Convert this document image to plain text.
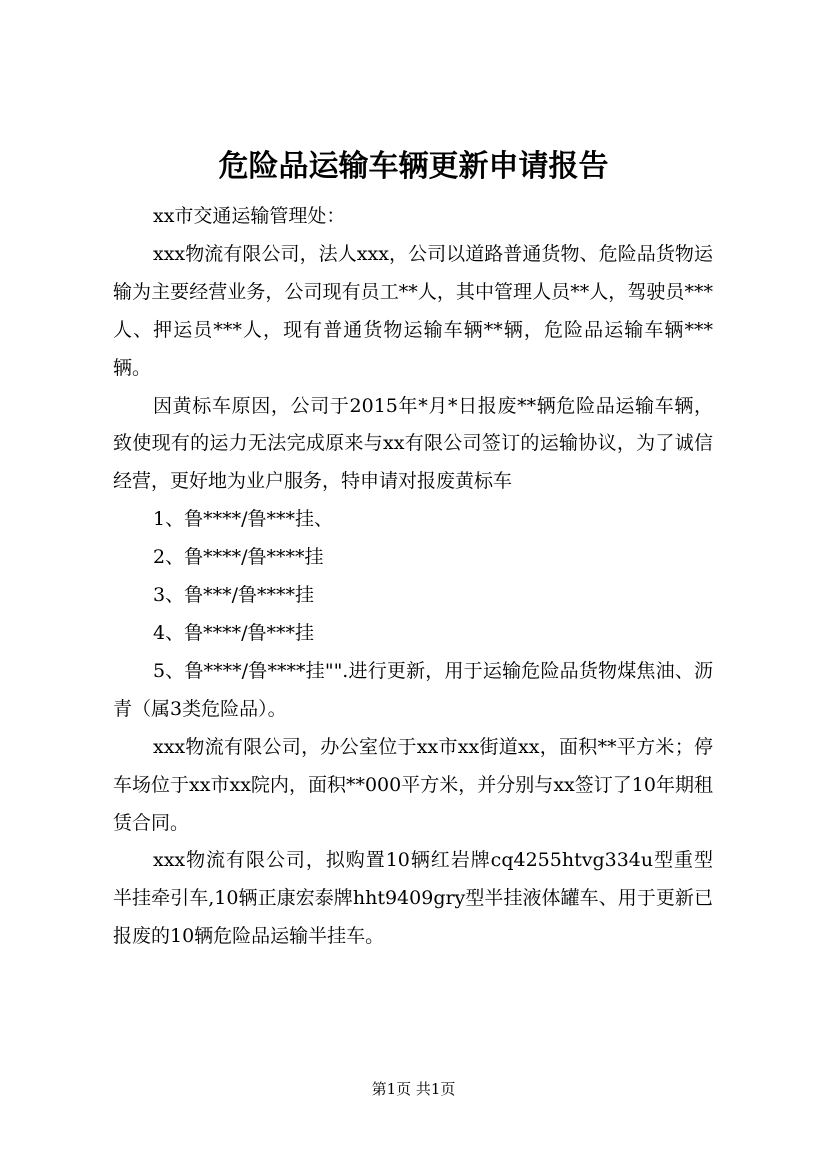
危险品运输车辆更新申请报告

xx市交通运输管理处：

xxx物流有限公司，法人xxx，公司以道路普通货物、危险品货物运输为主要经营业务，公司现有员工**人，其中管理人员**人，驾驶员***人、押运员***人，现有普通货物运输车辆**辆，危险品运输车辆***辆。

因黄标车原因，公司于2015年*月*日报废**辆危险品运输车辆，致使现有的运力无法完成原来与xx有限公司签订的运输协议，为了诚信经营，更好地为业户服务，特申请对报废黄标车

1、鲁****/鲁***挂、

2、鲁****/鲁****挂

3、鲁***/鲁****挂

4、鲁****/鲁***挂

5、鲁****/鲁****挂"".进行更新，用于运输危险品货物煤焦油、沥青（属3类危险品）。

xxx物流有限公司，办公室位于xx市xx街道xx，面积**平方米；停车场位于xx市xx院内，面积**000平方米，并分别与xx签订了10年期租赁合同。

xxx物流有限公司，拟购置10辆红岩牌cq4255htvg334u型重型半挂牵引车,10辆正康宏泰牌hht9409gry型半挂液体罐车、用于更新已报废的10辆危险品运输半挂车。

第1页 共1页
